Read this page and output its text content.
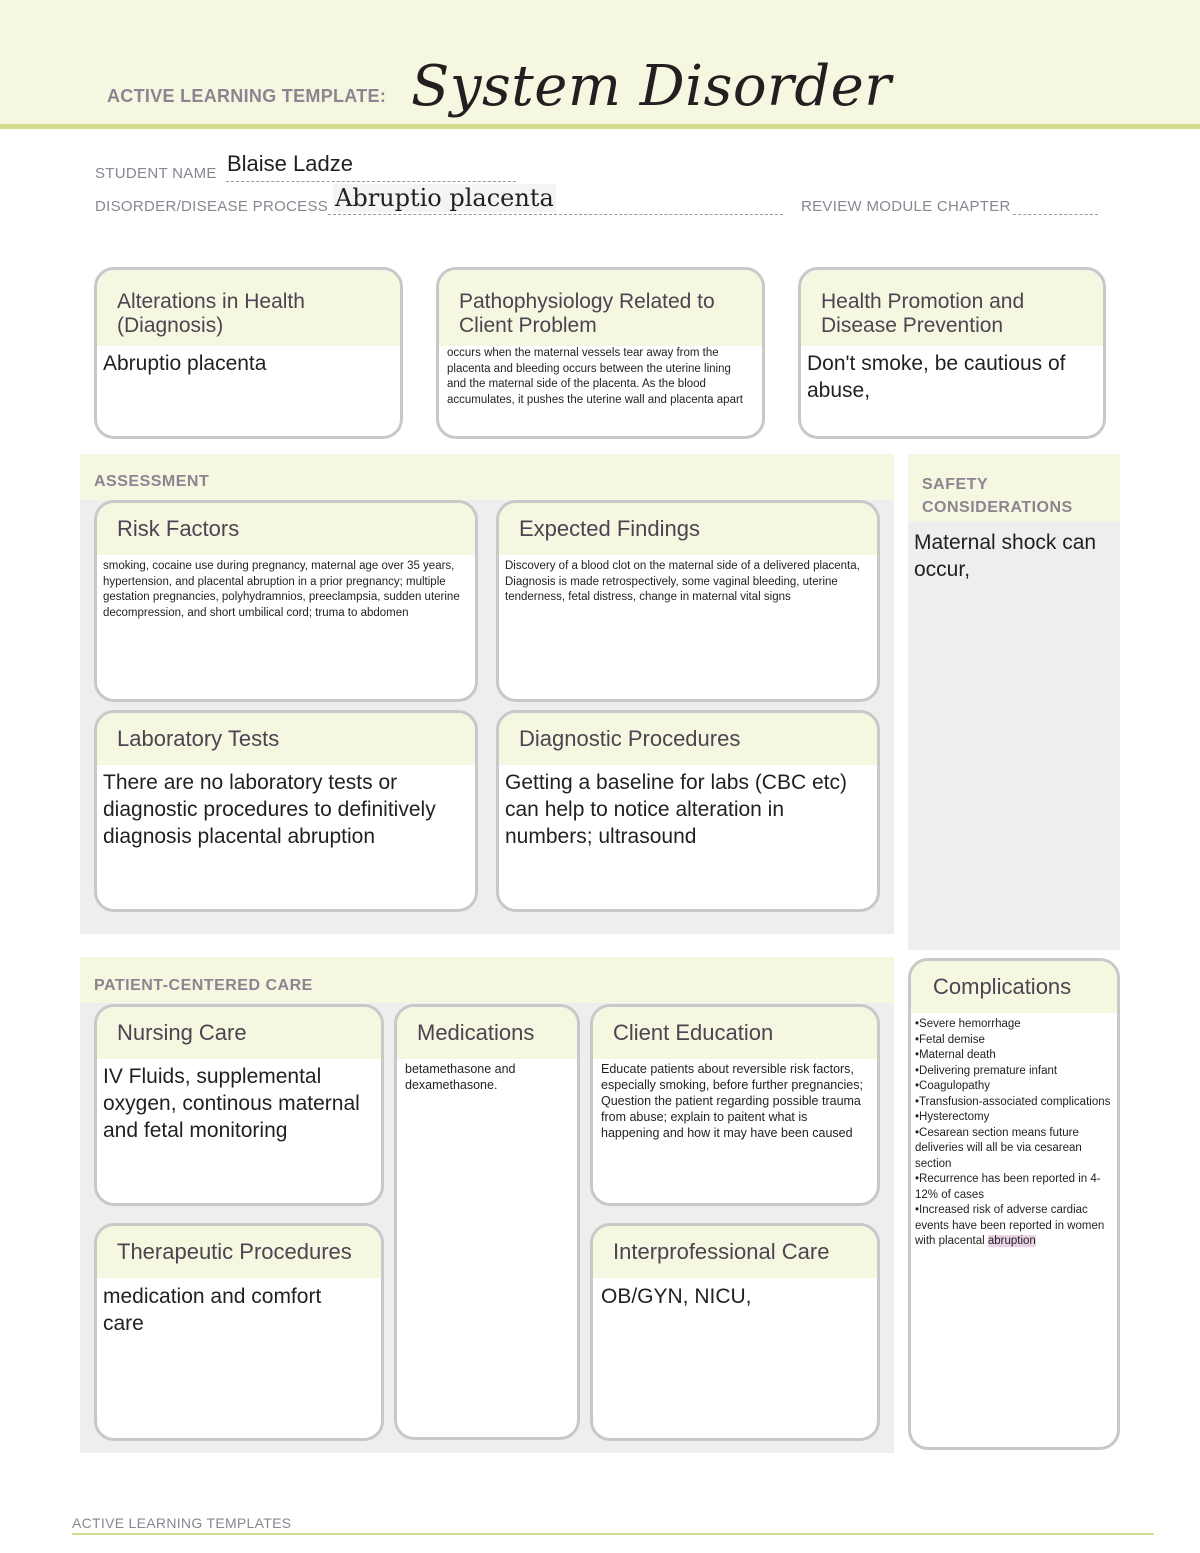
ACTIVE LEARNING TEMPLATE: System Disorder
STUDENT NAME Blaise Ladze
DISORDER/DISEASE PROCESS Abruptio placenta	REVIEW MODULE CHAPTER
Alterations in Health (Diagnosis)
Abruptio placenta
Pathophysiology Related to Client Problem
occurs when the maternal vessels tear away from the placenta and bleeding occurs between the uterine lining and the maternal side of the placenta. As the blood accumulates, it pushes the uterine wall and placenta apart
Health Promotion and Disease Prevention
Don't smoke, be cautious of abuse,
ASSESSMENT
Risk Factors
smoking, cocaine use during pregnancy, maternal age over 35 years, hypertension, and placental abruption in a prior pregnancy; multiple gestation pregnancies, polyhydramnios, preeclampsia, sudden uterine decompression, and short umbilical cord; truma to abdomen
Expected Findings
Discovery of a blood clot on the maternal side of a delivered placenta, Diagnosis is made retrospectively, some vaginal bleeding, uterine tenderness, fetal distress, change in maternal vital signs
Laboratory Tests
There are no laboratory tests or diagnostic procedures to definitively diagnosis placental abruption
Diagnostic Procedures
Getting a baseline for labs (CBC etc) can help to notice alteration in numbers; ultrasound
SAFETY
CONSIDERATIONS
Maternal shock can occur,
PATIENT-CENTERED CARE
Nursing Care
IV Fluids, supplemental oxygen, continous maternal and fetal monitoring
Medications
betamethasone and dexamethasone.
Client Education
Educate patients about reversible risk factors, especially smoking, before further pregnancies; Question the patient regarding possible trauma from abuse; explain to paitent what is happening and how it may have been caused
Therapeutic Procedures
medication and comfort care
Interprofessional Care
OB/GYN, NICU,
Complications
•Severe hemorrhage
•Fetal demise
•Maternal death
•Delivering premature infant
•Coagulopathy
•Transfusion-associated complications
•Hysterectomy
•Cesarean section means future deliveries will all be via cesarean section
•Recurrence has been reported in 4-12% of cases
•Increased risk of adverse cardiac events have been reported in women with placental abruption
ACTIVE LEARNING TEMPLATES
